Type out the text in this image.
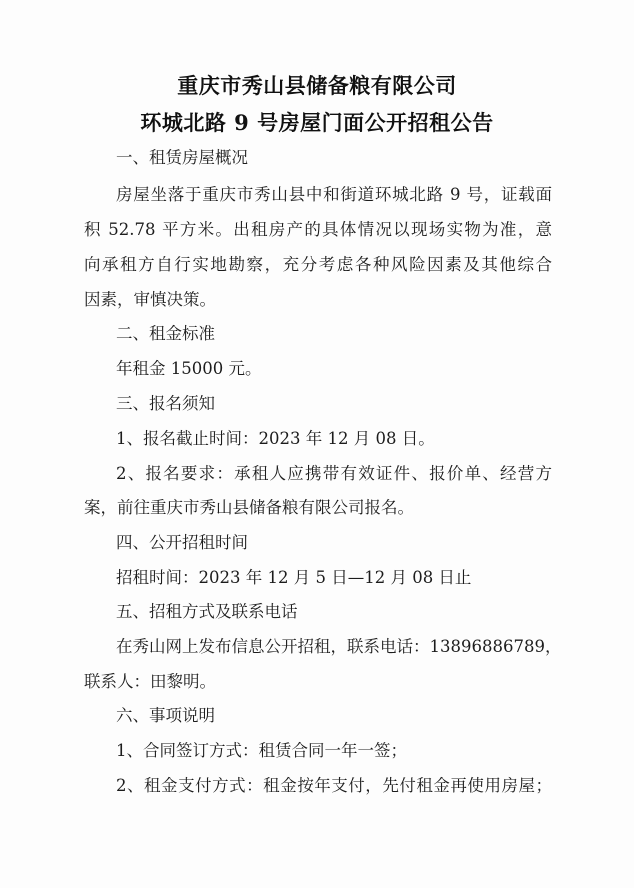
重庆市秀山县储备粮有限公司
环城北路 9 号房屋门面公开招租公告
一、租赁房屋概况
房屋坐落于重庆市秀山县中和街道环城北路 9 号，证载面
积 52.78 平方米。出租房产的具体情况以现场实物为准，意
向承租方自行实地勘察，充分考虑各种风险因素及其他综合
因素，审慎决策。
二、租金标准
年租金 15000 元。
三、报名须知
1、报名截止时间：2023 年 12 月 08 日。
2、报名要求：承租人应携带有效证件、报价单、经营方
案，前往重庆市秀山县储备粮有限公司报名。
四、公开招租时间
招租时间：2023 年 12 月 5 日—12 月 08 日止
五、招租方式及联系电话
在秀山网上发布信息公开招租，联系电话：13896886789，
联系人：田黎明。
六、事项说明
1、合同签订方式：租赁合同一年一签；
2、租金支付方式：租金按年支付，先付租金再使用房屋；
